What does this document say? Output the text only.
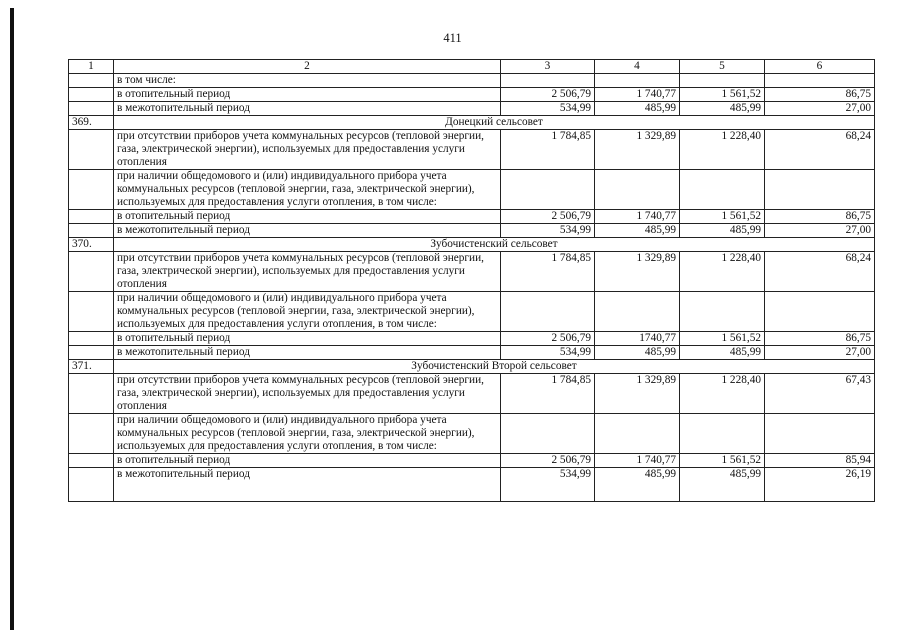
411
1	2	3	4	5	6
	в том числе:				
	в отопительный период	2 506,79	1 740,77	1 561,52	86,75
	в межотопительный период	534,99	485,99	485,99	27,00
369.	Донецкий сельсовет				
	при отсутствии приборов учета коммунальных ресурсов (тепловой энергии, газа, электрической энергии), используемых для предоставления услуги отопления	1 784,85	1 329,89	1 228,40	68,24
	при наличии общедомового и (или) индивидуального прибора учета коммунальных ресурсов (тепловой энергии, газа, электрической энергии), используемых для предоставления услуги отопления, в том числе:				
	в отопительный период	2 506,79	1 740,77	1 561,52	86,75
	в межотопительный период	534,99	485,99	485,99	27,00
370.	Зубочистенский сельсовет				
	при отсутствии приборов учета коммунальных ресурсов (тепловой энергии, газа, электрической энергии), используемых для предоставления услуги отопления	1 784,85	1 329,89	1 228,40	68,24
	при наличии общедомового и (или) индивидуального прибора учета коммунальных ресурсов (тепловой энергии, газа, электрической энергии), используемых для предоставления услуги отопления, в том числе:				
	в отопительный период	2 506,79	1740,77	1 561,52	86,75
	в межотопительный период	534,99	485,99	485,99	27,00
371.	Зубочистенский Второй сельсовет				
	при отсутствии приборов учета коммунальных ресурсов (тепловой энергии, газа, электрической энергии), используемых для предоставления услуги отопления	1 784,85	1 329,89	1 228,40	67,43
	при наличии общедомового и (или) индивидуального прибора учета коммунальных ресурсов (тепловой энергии, газа, электрической энергии), используемых для предоставления услуги отопления, в том числе:				
	в отопительный период	2 506,79	1 740,77	1 561,52	85,94
	в межотопительный период	534,99	485,99	485,99	26,19
